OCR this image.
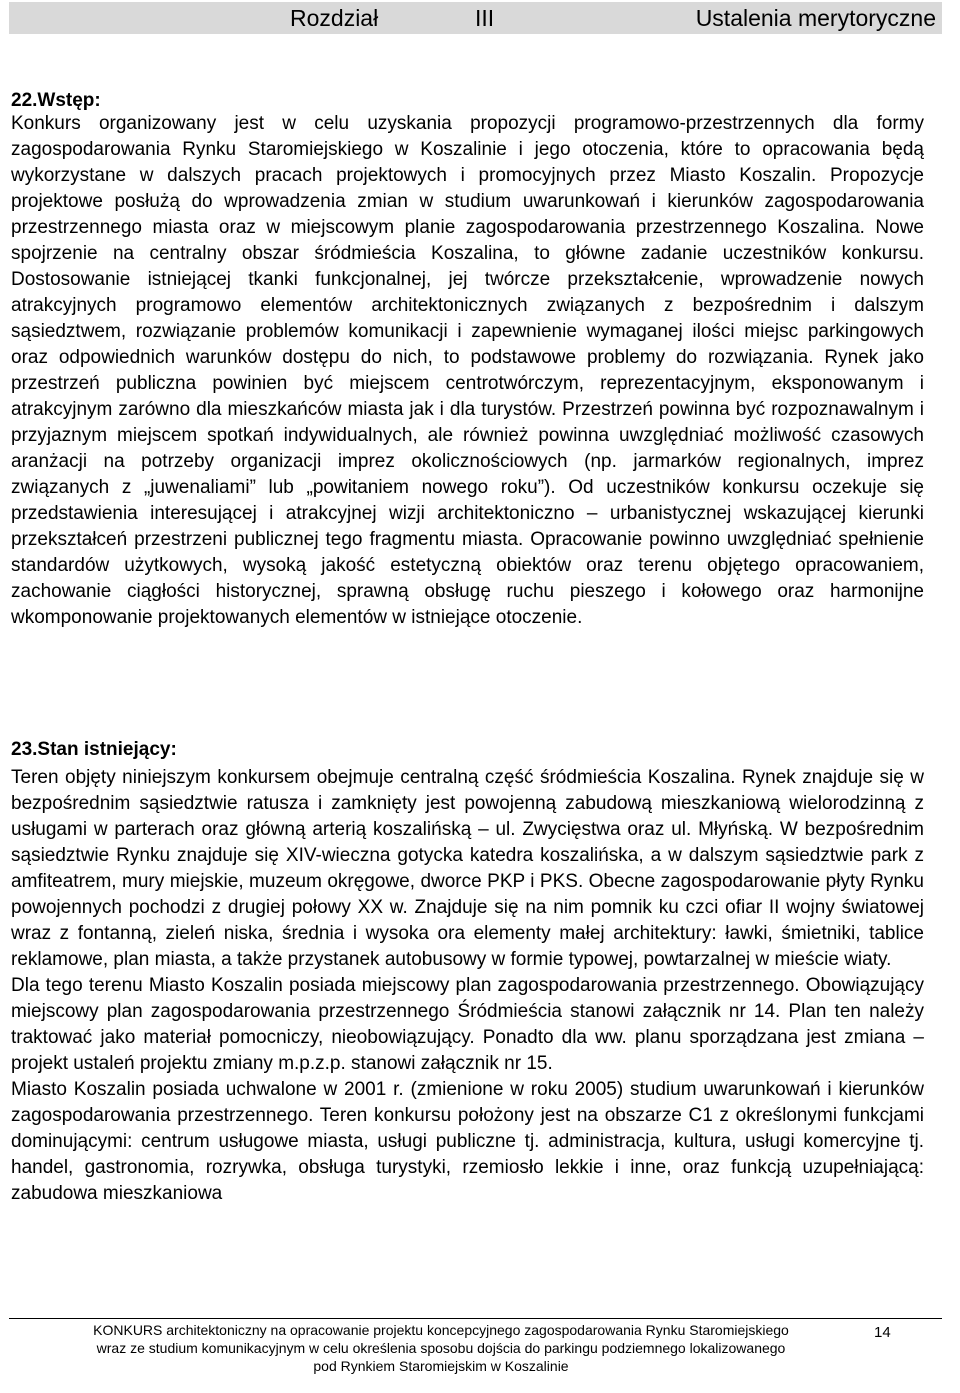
Rozdział	III	Ustalenia merytoryczne
22.Wstęp:
Konkurs organizowany jest w celu uzyskania propozycji programowo-przestrzennych dla formy zagospodarowania Rynku Staromiejskiego w Koszalinie i jego otoczenia, które to opracowania będą wykorzystane w dalszych pracach projektowych i promocyjnych przez Miasto Koszalin. Propozycje projektowe posłużą do wprowadzenia zmian w studium uwarunkowań i kierunków zagospodarowania przestrzennego miasta oraz w miejscowym planie zagospodarowania przestrzennego Koszalina. Nowe spojrzenie na centralny obszar śródmieścia Koszalina, to główne zadanie uczestników konkursu. Dostosowanie istniejącej tkanki funkcjonalnej, jej twórcze przekształcenie, wprowadzenie nowych atrakcyjnych programowo elementów architektonicznych związanych z bezpośrednim i dalszym sąsiedztwem, rozwiązanie problemów komunikacji i zapewnienie wymaganej ilości miejsc parkingowych oraz odpowiednich warunków dostępu do nich, to podstawowe problemy do rozwiązania. Rynek jako przestrzeń publiczna powinien być miejscem centrotwórczym, reprezentacyjnym, eksponowanym i atrakcyjnym zarówno dla mieszkańców miasta jak i dla turystów. Przestrzeń powinna być rozpoznawalnym i przyjaznym miejscem spotkań indywidualnych, ale również powinna uwzględniać możliwość czasowych aranżacji na potrzeby organizacji imprez okolicznościowych (np. jarmarków regionalnych, imprez związanych z „juwenaliami” lub „powitaniem nowego roku”). Od uczestników konkursu oczekuje się przedstawienia interesującej i atrakcyjnej wizji architektoniczno – urbanistycznej wskazującej kierunki przekształceń przestrzeni publicznej tego fragmentu miasta. Opracowanie powinno uwzględniać spełnienie standardów użytkowych, wysoką jakość estetyczną obiektów oraz terenu objętego opracowaniem, zachowanie ciągłości historycznej, sprawną obsługę ruchu pieszego i kołowego oraz harmonijne wkomponowanie projektowanych elementów w istniejące otoczenie.
23.Stan istniejący:
Teren objęty niniejszym konkursem obejmuje centralną część śródmieścia Koszalina. Rynek znajduje się w bezpośrednim sąsiedztwie ratusza i zamknięty jest powojenną zabudową mieszkaniową wielorodzinną z usługami w parterach oraz główną arterią koszalińską – ul. Zwycięstwa oraz ul. Młyńską. W bezpośrednim sąsiedztwie Rynku znajduje się XIV-wieczna gotycka katedra koszalińska, a w dalszym sąsiedztwie park z amfiteatrem, mury miejskie, muzeum okręgowe, dworce PKP i PKS. Obecne zagospodarowanie płyty Rynku powojennych pochodzi z drugiej połowy XX w. Znajduje się na nim pomnik ku czci ofiar II wojny światowej wraz z fontanną, zieleń niska, średnia i wysoka ora elementy małej architektury: ławki, śmietniki, tablice reklamowe, plan miasta, a także przystanek autobusowy w formie typowej, powtarzalnej w mieście wiaty.
Dla tego terenu Miasto Koszalin posiada miejscowy plan zagospodarowania przestrzennego. Obowiązujący miejscowy plan zagospodarowania przestrzennego Śródmieścia stanowi załącznik nr 14. Plan ten należy traktować jako materiał pomocniczy, nieobowiązujący. Ponadto dla ww. planu sporządzana jest zmiana – projekt ustaleń projektu zmiany m.p.z.p. stanowi załącznik nr 15.
Miasto Koszalin posiada uchwalone w 2001 r. (zmienione w roku 2005) studium uwarunkowań i kierunków zagospodarowania przestrzennego. Teren konkursu położony jest na obszarze C1 z określonymi funkcjami dominującymi: centrum usługowe miasta, usługi publiczne tj. administracja, kultura, usługi komercyjne tj. handel, gastronomia, rozrywka, obsługa turystyki, rzemiosło lekkie i inne, oraz funkcją uzupełniającą: zabudowa mieszkaniowa
KONKURS architektoniczny na opracowanie projektu koncepcyjnego zagospodarowania Rynku Staromiejskiego
wraz ze studium komunikacyjnym w celu określenia sposobu dojścia do parkingu podziemnego lokalizowanego
pod Rynkiem Staromiejskim w Koszalinie
14
